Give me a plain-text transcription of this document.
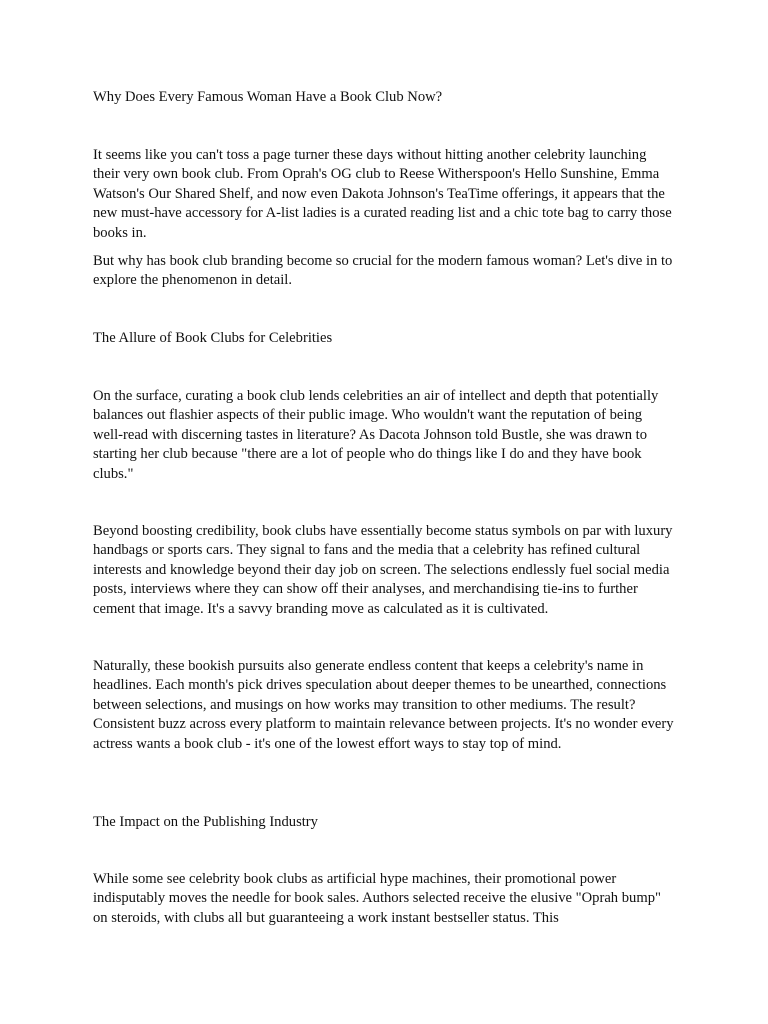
Why Does Every Famous Woman Have a Book Club Now?

It seems like you can't toss a page turner these days without hitting another celebrity launching their very own book club. From Oprah's OG club to Reese Witherspoon's Hello Sunshine, Emma Watson's Our Shared Shelf, and now even Dakota Johnson's TeaTime offerings, it appears that the new must-have accessory for A-list ladies is a curated reading list and a chic tote bag to carry those books in.

But why has book club branding become so crucial for the modern famous woman? Let's dive in to explore the phenomenon in detail.

The Allure of Book Clubs for Celebrities

On the surface, curating a book club lends celebrities an air of intellect and depth that potentially balances out flashier aspects of their public image. Who wouldn't want the reputation of being well-read with discerning tastes in literature? As Dacota Johnson told Bustle, she was drawn to starting her club because "there are a lot of people who do things like I do and they have book clubs."

Beyond boosting credibility, book clubs have essentially become status symbols on par with luxury handbags or sports cars. They signal to fans and the media that a celebrity has refined cultural interests and knowledge beyond their day job on screen. The selections endlessly fuel social media posts, interviews where they can show off their analyses, and merchandising tie-ins to further cement that image. It's a savvy branding move as calculated as it is cultivated.

Naturally, these bookish pursuits also generate endless content that keeps a celebrity's name in headlines. Each month's pick drives speculation about deeper themes to be unearthed, connections between selections, and musings on how works may transition to other mediums. The result? Consistent buzz across every platform to maintain relevance between projects. It's no wonder every actress wants a book club - it's one of the lowest effort ways to stay top of mind.

The Impact on the Publishing Industry

While some see celebrity book clubs as artificial hype machines, their promotional power indisputably moves the needle for book sales. Authors selected receive the elusive "Oprah bump" on steroids, with clubs all but guaranteeing a work instant bestseller status. This
